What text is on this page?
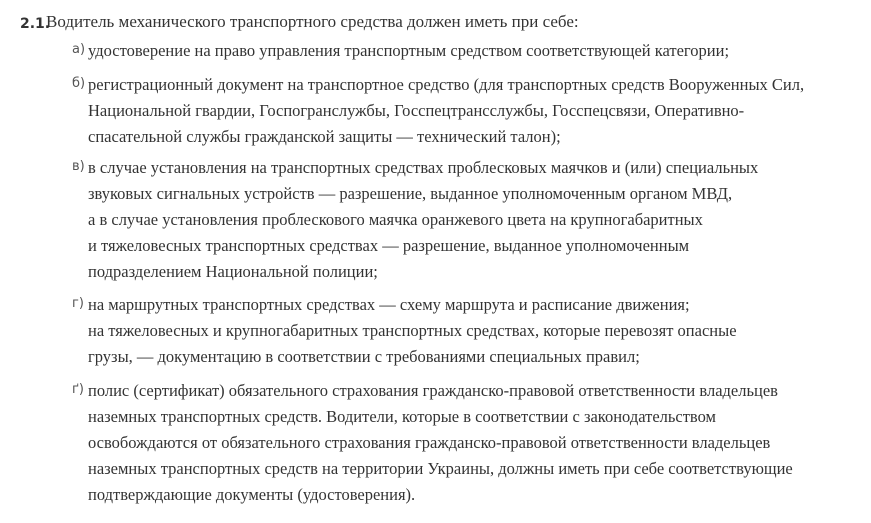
2.1.
Водитель механического транспортного средства должен иметь при себе:
а) удостоверение на право управления транспортным средством соответствующей категории;
б) регистрационный документ на транспортное средство (для транспортных средств Вооруженных Сил,
Национальной гвардии, Госпогранслужбы, Госспецтрансслужбы, Госспецсвязи, Оперативно-
спасательной службы гражданской защиты — технический талон);
в) в случае установления на транспортных средствах проблесковых маячков и (или) специальных
звуковых сигнальных устройств — разрешение, выданное уполномоченным органом МВД,
а в случае установления проблескового маячка оранжевого цвета на крупногабаритных
и тяжеловесных транспортных средствах — разрешение, выданное уполномоченным
подразделением Национальной полиции;
г) на маршрутных транспортных средствах — схему маршрута и расписание движения;
на тяжеловесных и крупногабаритных транспортных средствах, которые перевозят опасные
грузы, — документацию в соответствии с требованиями специальных правил;
ґ) полис (сертификат) обязательного страхования гражданско-правовой ответственности владельцев
наземных транспортных средств. Водители, которые в соответствии с законодательством
освобождаются от обязательного страхования гражданско-правовой ответственности владельцев
наземных транспортных средств на территории Украины, должны иметь при себе соответствующие
подтверждающие документы (удостоверения).
